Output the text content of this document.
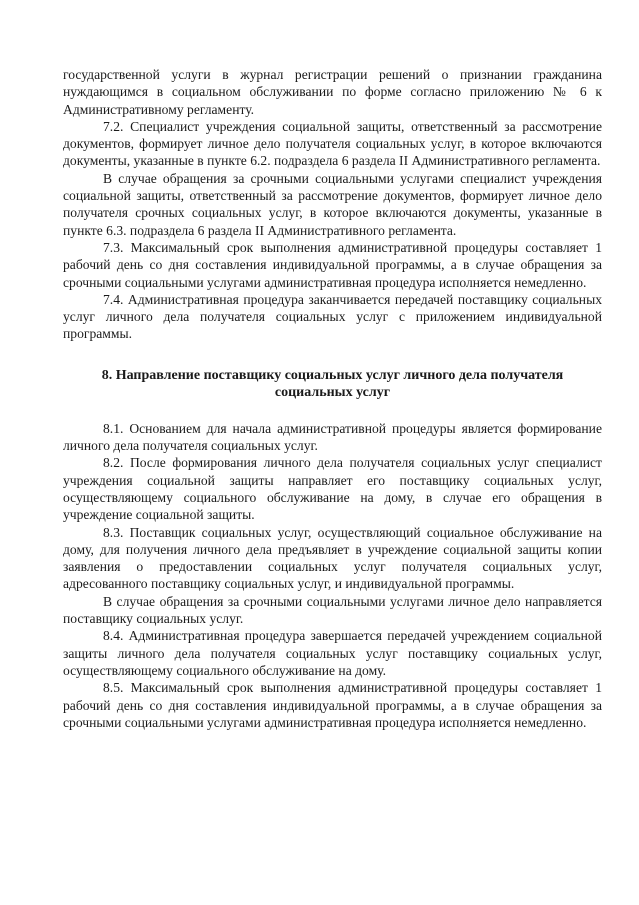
государственной услуги в журнал регистрации решений о признании гражданина нуждающимся в социальном обслуживании по форме согласно приложению № 6 к Административному регламенту.

7.2. Специалист учреждения социальной защиты, ответственный за рассмотрение документов, формирует личное дело получателя социальных услуг, в которое включаются документы, указанные в пункте 6.2. подраздела 6 раздела II Административного регламента.

В случае обращения за срочными социальными услугами специалист учреждения социальной защиты, ответственный за рассмотрение документов, формирует личное дело получателя срочных социальных услуг, в которое включаются документы, указанные в пункте 6.3. подраздела 6 раздела II Административного регламента.

7.3. Максимальный срок выполнения административной процедуры составляет 1 рабочий день со дня составления индивидуальной программы, а в случае обращения за срочными социальными услугами административная процедура исполняется немедленно.

7.4. Административная процедура заканчивается передачей поставщику социальных услуг личного дела получателя социальных услуг с приложением индивидуальной программы.

8. Направление поставщику социальных услуг личного дела получателя социальных услуг

8.1. Основанием для начала административной процедуры является формирование личного дела получателя социальных услуг.

8.2. После формирования личного дела получателя социальных услуг специалист учреждения социальной защиты направляет его поставщику социальных услуг, осуществляющему социального обслуживание на дому, в случае его обращения в учреждение социальной защиты.

8.3. Поставщик социальных услуг, осуществляющий социальное обслуживание на дому, для получения личного дела предъявляет в учреждение социальной защиты копии заявления о предоставлении социальных услуг получателя социальных услуг, адресованного поставщику социальных услуг, и индивидуальной программы.

В случае обращения за срочными социальными услугами личное дело направляется поставщику социальных услуг.

8.4. Административная процедура завершается передачей учреждением социальной защиты личного дела получателя социальных услуг поставщику социальных услуг, осуществляющему социального обслуживание на дому.

8.5. Максимальный срок выполнения административной процедуры составляет 1 рабочий день со дня составления индивидуальной программы, а в случае обращения за срочными социальными услугами административная процедура исполняется немедленно.
